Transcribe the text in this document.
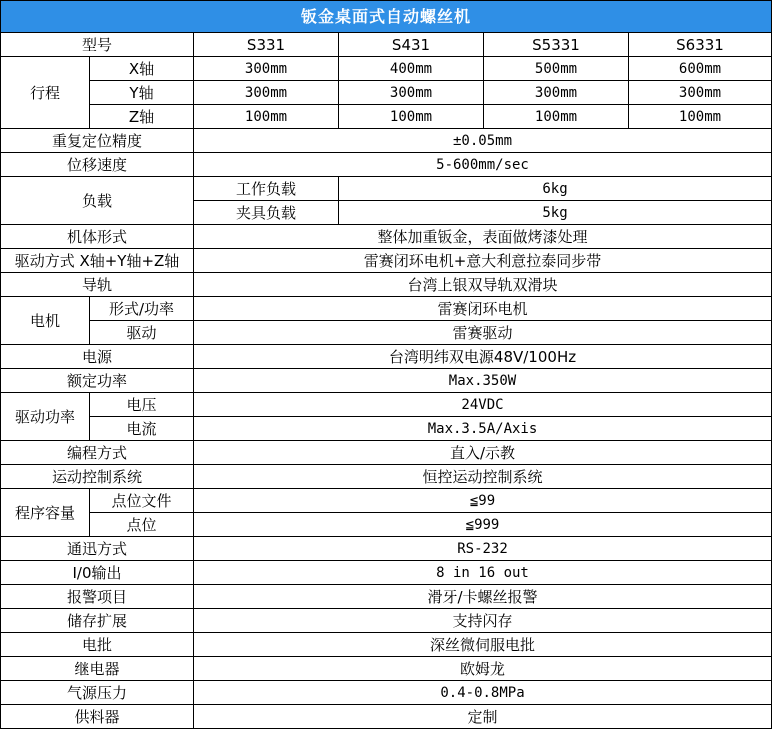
钣金桌面式自动螺丝机					
型号		S331	S431	S5331	S6331
行程	X轴	300mm	400mm	500mm	600mm
	Y轴	300mm	300mm	300mm	300mm
	Z轴	100mm	100mm	100mm	100mm
重复定位精度		±0.05mm			
位移速度		5-600mm/sec			
负载		工作负载	6kg		
		夹具负载	5kg		
机体形式		整体加重钣金，表面做烤漆处理			
驱动方式 X轴+Y轴+Z轴		雷赛闭环电机+意大利意拉泰同步带			
导轨		台湾上银双导轨双滑块			
电机	形式/功率	雷赛闭环电机			
	驱动	雷赛驱动			
电源		台湾明纬双电源48V/100Hz			
额定功率		Max.350W			
驱动功率	电压	24VDC			
	电流	Max.3.5A/Axis			
编程方式		直入/示教			
运动控制系统		恒控运动控制系统			
程序容量	点位文件	≦99			
	点位	≦999			
通迅方式		RS-232			
I/0输出		8 in 16 out			
报警项目		滑牙/卡螺丝报警			
储存扩展		支持闪存			
电批		深丝微伺服电批			
继电器		欧姆龙			
气源压力		0.4-0.8MPa			
供料器		定制			
